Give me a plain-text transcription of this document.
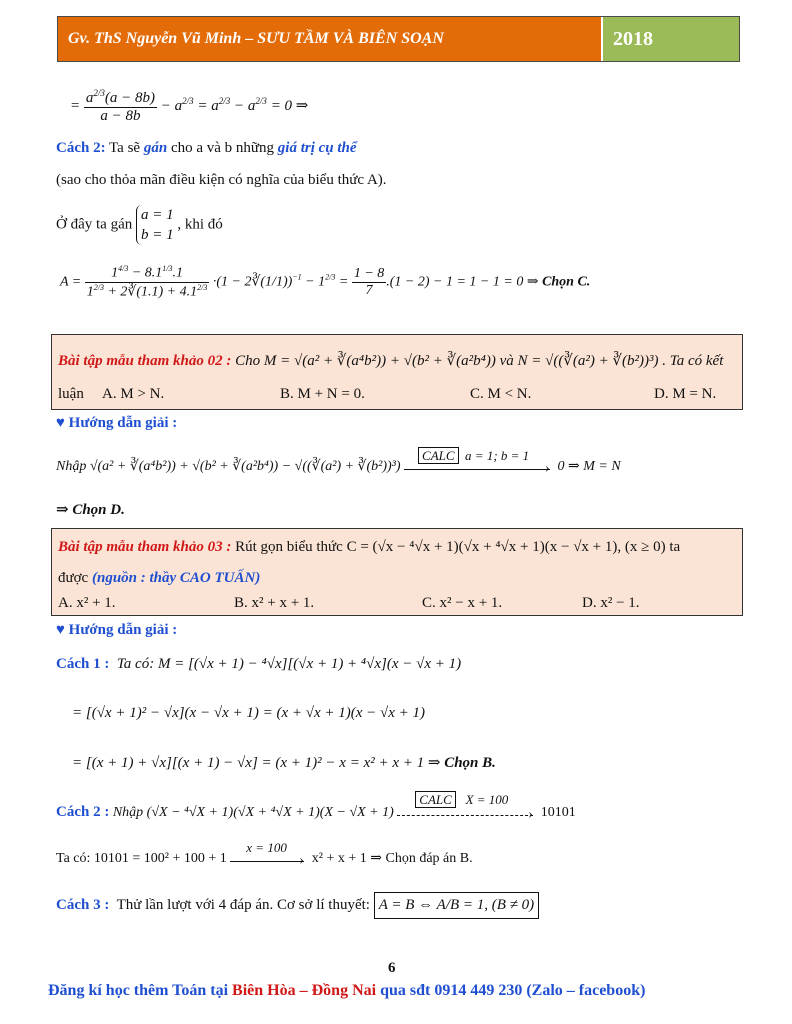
Gv. ThS Nguyễn Vũ Minh – SƯU TẦM VÀ BIÊN SOẠN	2018
= $\frac{a^{2/3}(a - 8b)}{a - 8b} - a^{2/3} = a^{2/3} - a^{2/3} = 0$ ⇒
Cách 2: Ta sẽ gán cho a và b những giá trị cụ thể
(sao cho thỏa mãn điều kiện có nghĩa của biểu thức A).
Ở đây ta gán
a = 1
b = 1
, khi đó
$A = \frac{1^{4/3} - 8.1^{1/3}.1}{1^{2/3} + 2∛(1.1) + 4.1^{2/3}} \cdot(1$ − 2∛(1/1))$^{-1}$ − $1^{2/3} = \frac{1 - 8}{7} .(1 - 2) - 1 = 1 - 1 = 0$ ⇒ Chọn C.
Bài tập mẫu tham khảo 02 : Cho M = √(a² + ∛(a⁴b²)) + √(b² + ∛(a²b⁴)) và N = √((∛(a²) + ∛(b²))³) . Ta có kết
luận A. M > N.	B. M + N = 0.	C. M < N.	D. M = N.
♥ Hướng dẫn giải :
Nhập √(a² + ∛(a⁴b²)) + √(b² + ∛(a²b⁴)) − √((∛(a²) + ∛(b²))³)
CALC a = 1; b = 1
› 0 ⇒ M = N
⇒ Chọn D.
Bài tập mẫu tham khảo 03 : Rút gọn biểu thức C = (√x − ⁴√x + 1)(√x + ⁴√x + 1)(x − √x + 1), (x ≥ 0) ta
được (nguồn : thầy CAO TUẤN)
A. x² + 1.	B. x² + x + 1.	C. x² − x + 1.	D. x² − 1.
♥ Hướng dẫn giải :
Cách 1 : Ta có: M = [(√x + 1) − ⁴√x][(√x + 1) + ⁴√x](x − √x + 1)
= [(√x + 1)² − √x](x − √x + 1) = (x + √x + 1)(x − √x + 1)
= [(x + 1) + √x][(x + 1) − √x] = (x + 1)² − x = x² + x + 1 ⇒ Chọn B.
Cách 2 : Nhập (√X − ⁴√X + 1)(√X + ⁴√X + 1)(X − √X + 1)
CALC X = 100
› 10101
Ta có: 10101 = 100² + 100 + 1
x = 100
› x² + x + 1 ⇒ Chọn đáp án B.
Cách 3 : Thử lần lượt với 4 đáp án. Cơ sở lí thuyết: A = B ⇔ A/B = 1, (B ≠ 0)
6
Đăng kí học thêm Toán tại Biên Hòa – Đồng Nai qua sđt 0914 449 230 (Zalo – facebook)
